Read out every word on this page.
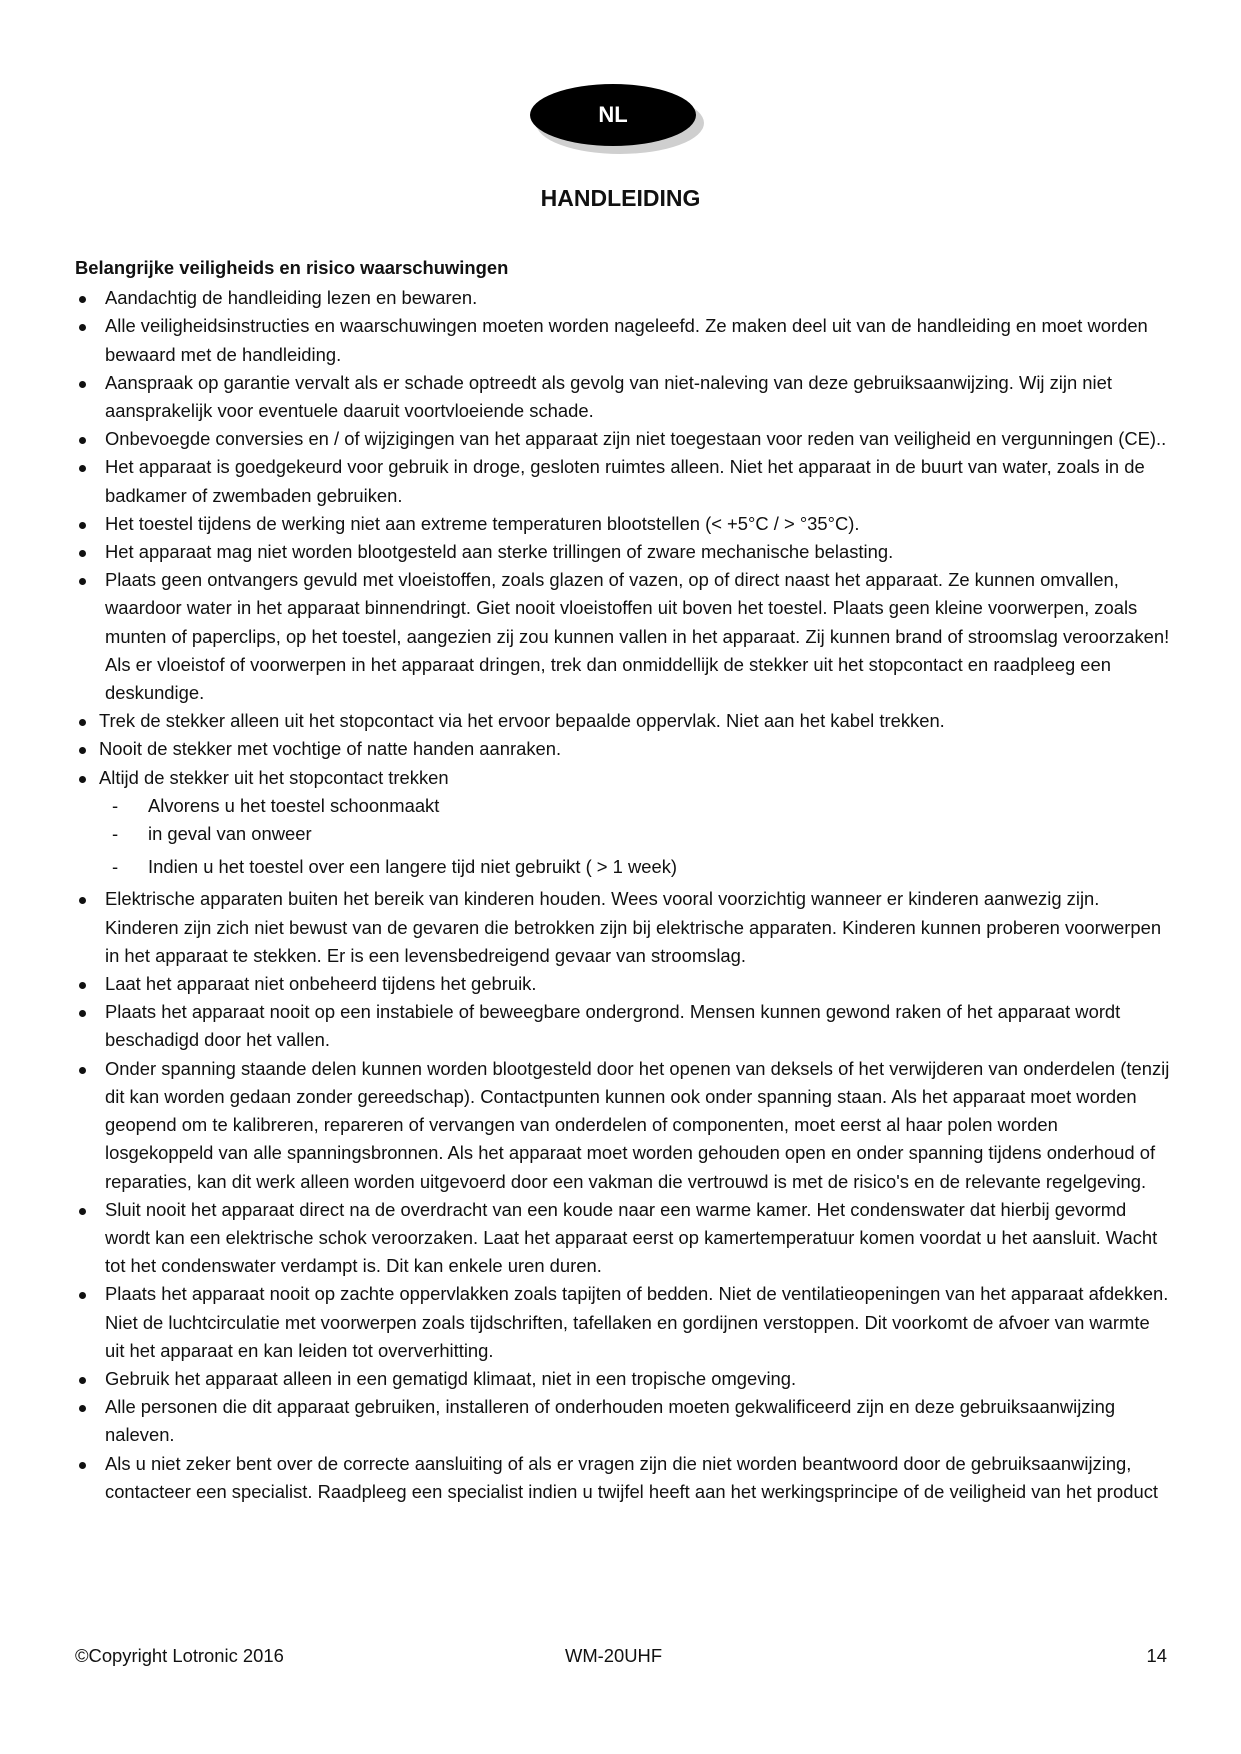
NL
HANDLEIDING
Belangrijke veiligheids en risico waarschuwingen
Aandachtig de handleiding lezen en bewaren.
Alle veiligheidsinstructies en waarschuwingen moeten worden nageleefd. Ze maken deel uit van de handleiding en moet worden bewaard met de handleiding.
Aanspraak op garantie vervalt als er schade optreedt als gevolg van niet-naleving van deze gebruiksaanwijzing. Wij zijn niet aansprakelijk voor eventuele daaruit voortvloeiende schade.
Onbevoegde conversies en / of wijzigingen van het apparaat zijn niet toegestaan voor reden van veiligheid en vergunningen (CE)..
Het apparaat is goedgekeurd voor gebruik in droge, gesloten ruimtes alleen. Niet het apparaat in de buurt van water, zoals in de badkamer of zwembaden gebruiken.
Het toestel tijdens de werking niet aan extreme temperaturen blootstellen (< +5°C / > °35°C).
Het apparaat mag niet worden blootgesteld aan sterke trillingen of zware mechanische belasting.
Plaats geen ontvangers gevuld met vloeistoffen, zoals glazen of vazen, op of direct naast het apparaat. Ze kunnen omvallen, waardoor water in het apparaat binnendringt. Giet nooit vloeistoffen uit boven het toestel. Plaats geen kleine voorwerpen, zoals munten of paperclips, op het toestel, aangezien zij zou kunnen vallen in het apparaat. Zij kunnen brand of stroomslag veroorzaken! Als er vloeistof of voorwerpen in het apparaat dringen, trek dan onmiddellijk de stekker uit het stopcontact en raadpleeg een deskundige.
Trek de stekker alleen uit het stopcontact via het ervoor bepaalde oppervlak. Niet aan het kabel trekken.
Nooit de stekker met vochtige of natte handen aanraken.
Altijd de stekker uit het stopcontact trekken
- Alvorens u het toestel schoonmaakt
- in geval van onweer
- Indien u het toestel over een langere tijd niet gebruikt ( > 1 week)
Elektrische apparaten buiten het bereik van kinderen houden. Wees vooral voorzichtig wanneer er kinderen aanwezig zijn. Kinderen zijn zich niet bewust van de gevaren die betrokken zijn bij elektrische apparaten. Kinderen kunnen proberen voorwerpen in het apparaat te stekken. Er is een levensbedreigend gevaar van stroomslag.
Laat het apparaat niet onbeheerd tijdens het gebruik.
Plaats het apparaat nooit op een instabiele of beweegbare ondergrond. Mensen kunnen gewond raken of het apparaat wordt beschadigd door het vallen.
Onder spanning staande delen kunnen worden blootgesteld door het openen van deksels of het verwijderen van onderdelen (tenzij dit kan worden gedaan zonder gereedschap). Contactpunten kunnen ook onder spanning staan. Als het apparaat moet worden geopend om te kalibreren, repareren of vervangen van onderdelen of componenten, moet eerst al haar polen worden losgekoppeld van alle spanningsbronnen. Als het apparaat moet worden gehouden open en onder spanning tijdens onderhoud of reparaties, kan dit werk alleen worden uitgevoerd door een vakman die vertrouwd is met de risico's en de relevante regelgeving.
Sluit nooit het apparaat direct na de overdracht van een koude naar een warme kamer. Het condenswater dat hierbij gevormd wordt kan een elektrische schok veroorzaken. Laat het apparaat eerst op kamertemperatuur komen voordat u het aansluit. Wacht tot het condenswater verdampt is. Dit kan enkele uren duren.
Plaats het apparaat nooit op zachte oppervlakken zoals tapijten of bedden. Niet de ventilatieopeningen van het apparaat afdekken. Niet de luchtcirculatie met voorwerpen zoals tijdschriften, tafellaken en gordijnen verstoppen. Dit voorkomt de afvoer van warmte uit het apparaat en kan leiden tot oververhitting.
Gebruik het apparaat alleen in een gematigd klimaat, niet in een tropische omgeving.
Alle personen die dit apparaat gebruiken, installeren of onderhouden moeten gekwalificeerd zijn en deze gebruiksaanwijzing naleven.
Als u niet zeker bent over de correcte aansluiting of als er vragen zijn die niet worden beantwoord door de gebruiksaanwijzing, contacteer een specialist. Raadpleeg een specialist indien u twijfel heeft aan het werkingsprincipe of de veiligheid van het product
©Copyright Lotronic 2016	WM-20UHF	14
